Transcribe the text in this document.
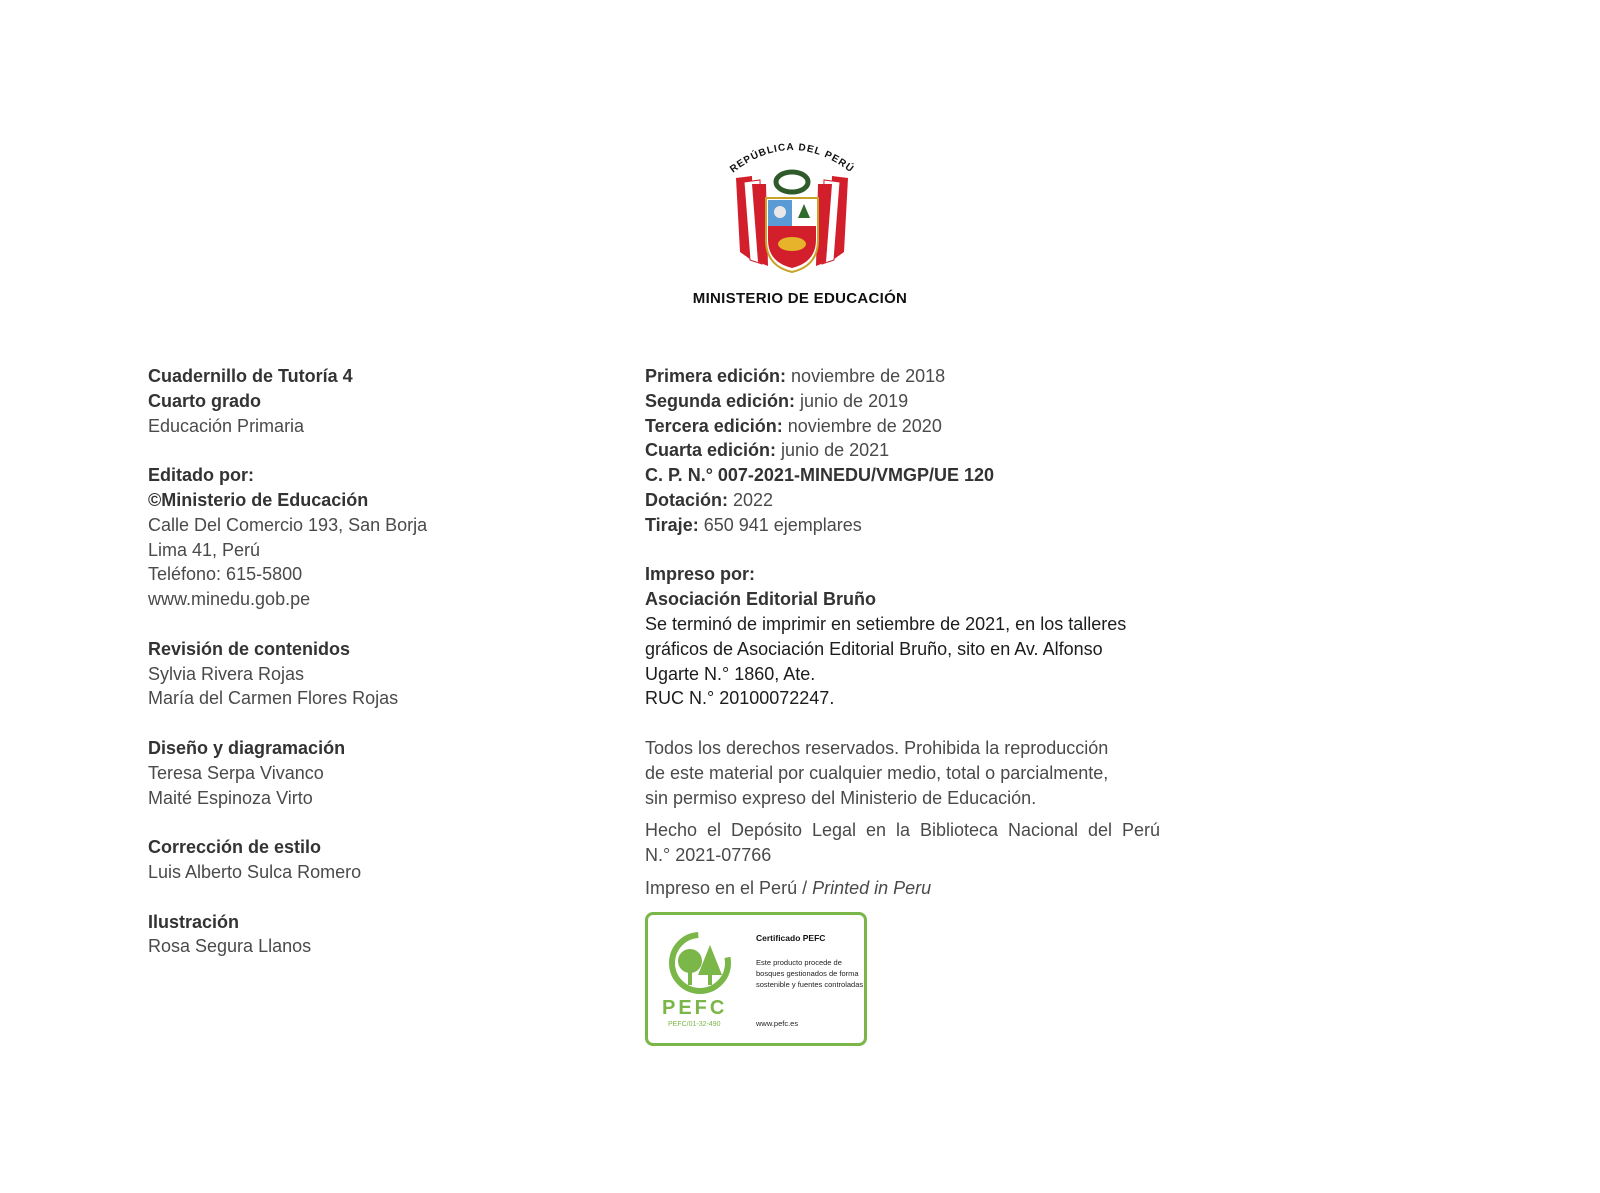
REPÚBLICA DEL PERÚ
MINISTERIO DE EDUCACIÓN

Cuadernillo de Tutoría 4

Cuarto grado

Educación Primaria

Editado por:

©Ministerio de Educación

Calle Del Comercio 193, San Borja

Lima 41, Perú

Teléfono: 615-5800

www.minedu.gob.pe

Revisión de contenidos

Sylvia Rivera Rojas

María del Carmen Flores Rojas

Diseño y diagramación

Teresa Serpa Vivanco

Maité Espinoza Virto

Corrección de estilo

Luis Alberto Sulca Romero

Ilustración

Rosa Segura Llanos

Primera edición: noviembre de 2018

Segunda edición: junio de 2019

Tercera edición: noviembre de 2020

Cuarta edición: junio de 2021

C. P. N.° 007-2021-MINEDU/VMGP/UE 120

Dotación: 2022

Tiraje: 650 941 ejemplares

Impreso por:

Asociación Editorial Bruño

Se terminó de imprimir en setiembre de 2021, en los talleres

gráficos de Asociación Editorial Bruño, sito en Av. Alfonso

Ugarte N.° 1860, Ate.

RUC N.° 20100072247.

Todos los derechos reservados. Prohibida la reproducción

de este material por cualquier medio, total o parcialmente,

sin permiso expreso del Ministerio de Educación.

Hecho el Depósito Legal en la Biblioteca Nacional del Perú

N.° 2021-07766

Impreso en el Perú / Printed in Peru

PEFC
PEFC/01-32-490
Certificado PEFC
Este producto procede de bosques gestionados de forma sostenible y fuentes controladas
www.pefc.es
